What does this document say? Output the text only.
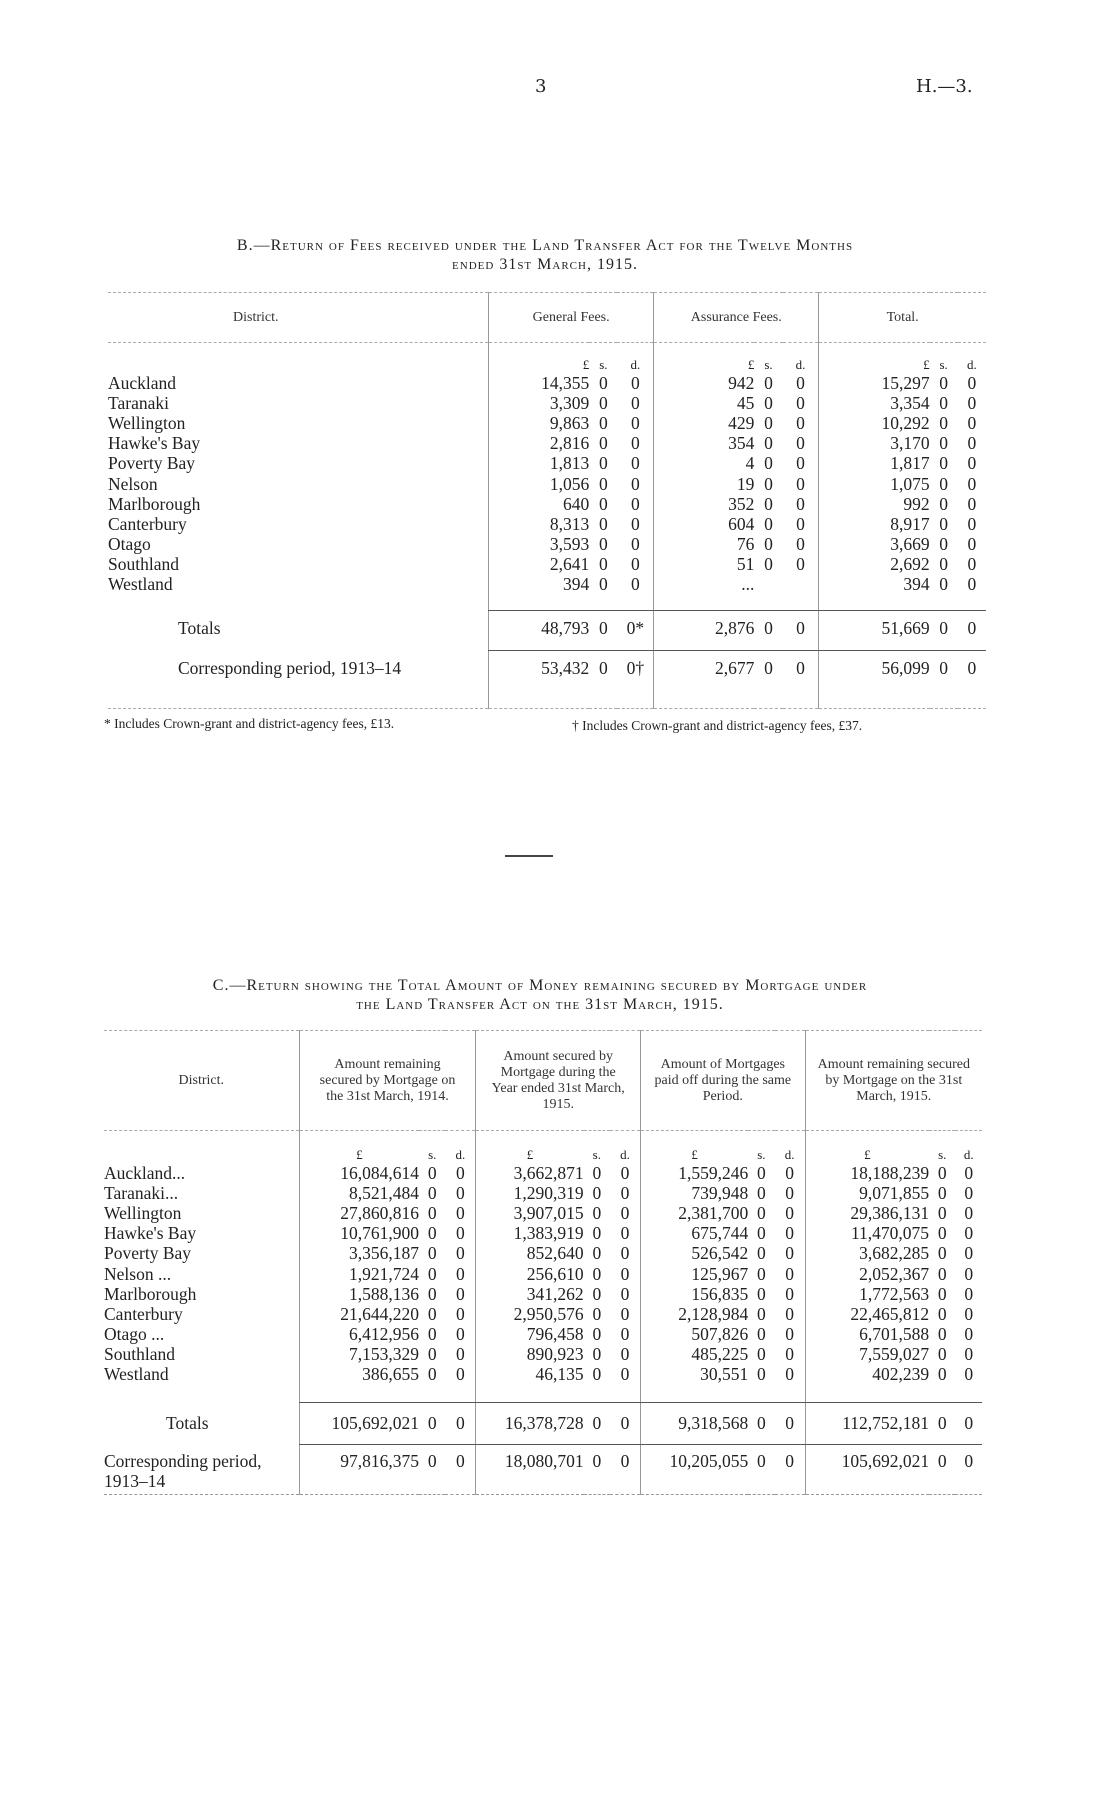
3	H.—3.
B.—Return of Fees received under the Land Transfer Act for the Twelve Months
ended 31st March, 1915.
District.	General Fees.			Assurance Fees.			Total.		
	£	s.	d.	£	s.	d.	£	s.	d.
Auckland	14,355	0	0	942	0	0	15,297	0	0
Taranaki	3,309	0	0	45	0	0	3,354	0	0
Wellington	9,863	0	0	429	0	0	10,292	0	0
Hawke's Bay	2,816	0	0	354	0	0	3,170	0	0
Poverty Bay	1,813	0	0	4	0	0	1,817	0	0
Nelson	1,056	0	0	19	0	0	1,075	0	0
Marlborough	640	0	0	352	0	0	992	0	0
Canterbury	8,313	0	0	604	0	0	8,917	0	0
Otago	3,593	0	0	76	0	0	3,669	0	0
Southland	2,641	0	0	51	0	0	2,692	0	0
Westland	394	0	0	...			394	0	0

Totals	48,793	0	0*	2,876	0	0	51,669	0	0

Corresponding period, 1913–14	53,432	0	0†	2,677	0	0	56,099	0	0

* Includes Crown-grant and district-agency fees, £13.	† Includes Crown-grant and district-agency fees, £37.
C.—Return showing the Total Amount of Money remaining secured by Mortgage under
the Land Transfer Act on the 31st March, 1915.
District.	Amount remaining secured by Mortgage on the 31st March, 1914.			Amount secured by Mortgage during the Year ended 31st March, 1915.			Amount of Mortgages paid off during the same Period.			Amount remaining secured by Mortgage on the 31st March, 1915.		
	£	s.	d.	£	s.	d.	£	s.	d.	£	s.	d.
Auckland...	16,084,614	0	0	3,662,871	0	0	1,559,246	0	0	18,188,239	0	0
Taranaki...	8,521,484	0	0	1,290,319	0	0	739,948	0	0	9,071,855	0	0
Wellington	27,860,816	0	0	3,907,015	0	0	2,381,700	0	0	29,386,131	0	0
Hawke's Bay	10,761,900	0	0	1,383,919	0	0	675,744	0	0	11,470,075	0	0
Poverty Bay	3,356,187	0	0	852,640	0	0	526,542	0	0	3,682,285	0	0
Nelson ...	1,921,724	0	0	256,610	0	0	125,967	0	0	2,052,367	0	0
Marlborough	1,588,136	0	0	341,262	0	0	156,835	0	0	1,772,563	0	0
Canterbury	21,644,220	0	0	2,950,576	0	0	2,128,984	0	0	22,465,812	0	0
Otago ...	6,412,956	0	0	796,458	0	0	507,826	0	0	6,701,588	0	0
Southland	7,153,329	0	0	890,923	0	0	485,225	0	0	7,559,027	0	0
Westland	386,655	0	0	46,135	0	0	30,551	0	0	402,239	0	0

Totals	105,692,021	0	0	16,378,728	0	0	9,318,568	0	0	112,752,181	0	0

Corresponding period, 1913–14	97,816,375	0	0	18,080,701	0	0	10,205,055	0	0	105,692,021	0	0
